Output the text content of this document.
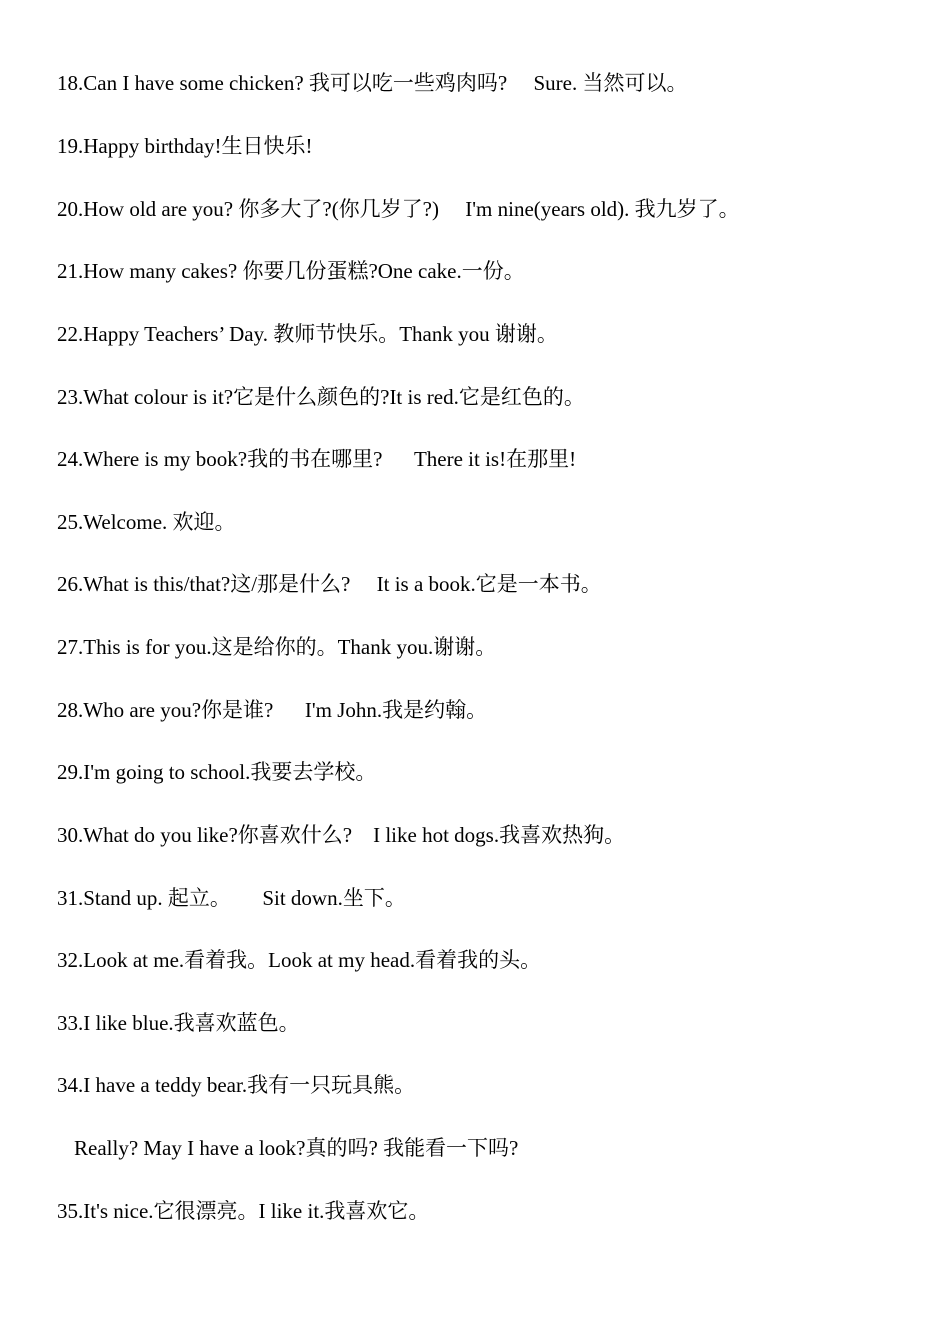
18.Can I have some chicken? 我可以吃一些鸡肉吗?     Sure. 当然可以。
19.Happy birthday!生日快乐!
20.How old are you? 你多大了?(你几岁了?)     I'm nine(years old). 我九岁了。
21.How many cakes? 你要几份蛋糕?One cake.一份。
22.Happy Teachers’ Day. 教师节快乐。Thank you 谢谢。
23.What colour is it?它是什么颜色的?It is red.它是红色的。
24.Where is my book?我的书在哪里?      There it is!在那里!
25.Welcome. 欢迎。
26.What is this/that?这/那是什么?     It is a book.它是一本书。
27.This is for you.这是给你的。Thank you.谢谢。
28.Who are you?你是谁?      I'm John.我是约翰。
29.I'm going to school.我要去学校。
30.What do you like?你喜欢什么?    I like hot dogs.我喜欢热狗。
31.Stand up. 起立。      Sit down.坐下。
32.Look at me.看着我。Look at my head.看着我的头。
33.I like blue.我喜欢蓝色。
34.I have a teddy bear.我有一只玩具熊。
Really? May I have a look?真的吗? 我能看一下吗?
35.It's nice.它很漂亮。I like it.我喜欢它。
